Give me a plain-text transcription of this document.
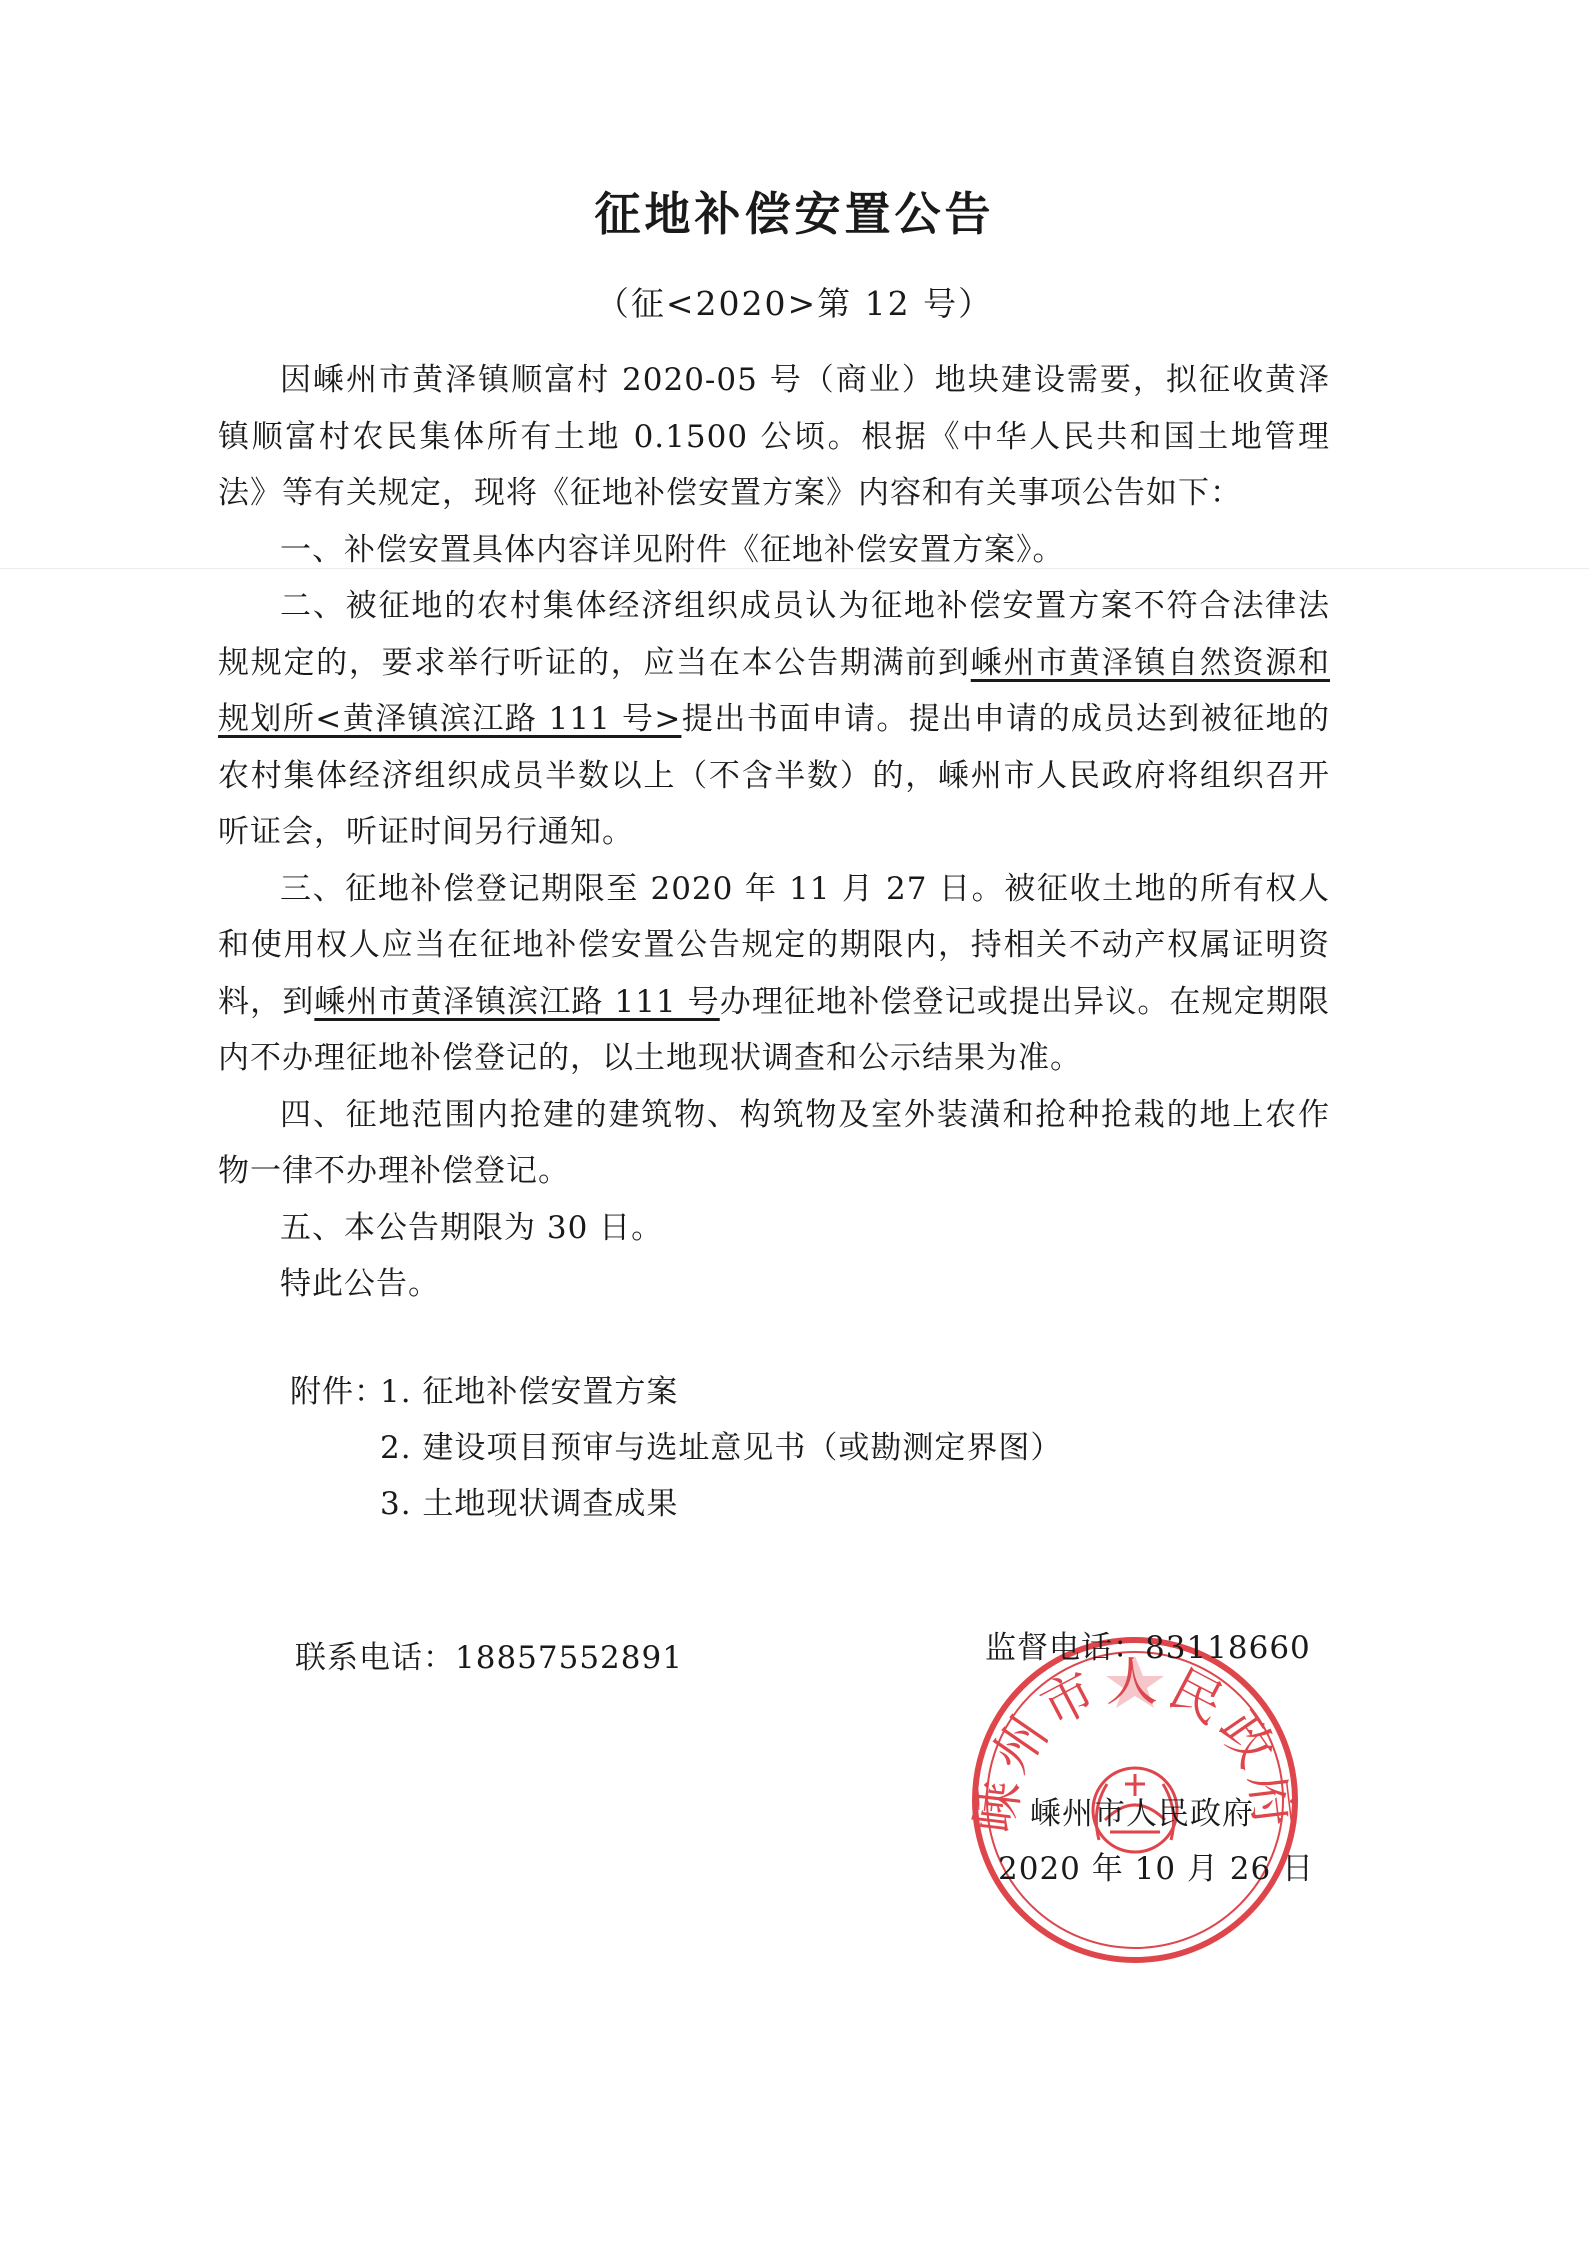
征地补偿安置公告
（征<2020>第 12 号）

因嵊州市黄泽镇顺富村 2020-05 号（商业）地块建设需要，拟征收黄泽镇顺富村农民集体所有土地 0.1500 公顷。根据《中华人民共和国土地管理法》等有关规定，现将《征地补偿安置方案》内容和有关事项公告如下：

一、补偿安置具体内容详见附件《征地补偿安置方案》。

二、被征地的农村集体经济组织成员认为征地补偿安置方案不符合法律法规规定的，要求举行听证的，应当在本公告期满前到嵊州市黄泽镇自然资源和规划所<黄泽镇滨江路 111 号>提出书面申请。提出申请的成员达到被征地的农村集体经济组织成员半数以上（不含半数）的，嵊州市人民政府将组织召开听证会，听证时间另行通知。

三、征地补偿登记期限至 2020 年 11 月 27 日。被征收土地的所有权人和使用权人应当在征地补偿安置公告规定的期限内，持相关不动产权属证明资料，到嵊州市黄泽镇滨江路 111 号办理征地补偿登记或提出异议。在规定期限内不办理征地补偿登记的，以土地现状调查和公示结果为准。

四、征地范围内抢建的建筑物、构筑物及室外装潢和抢种抢栽的地上农作物一律不办理补偿登记。

五、本公告期限为 30 日。

特此公告。

附件：1. 征地补偿安置方案
2. 建设项目预审与选址意见书（或勘测定界图）
3. 土地现状调查成果
联系电话：18857552891
嵊州市人民政府
监督电话：83118660
嵊州市人民政府
2020 年 10 月 26 日
